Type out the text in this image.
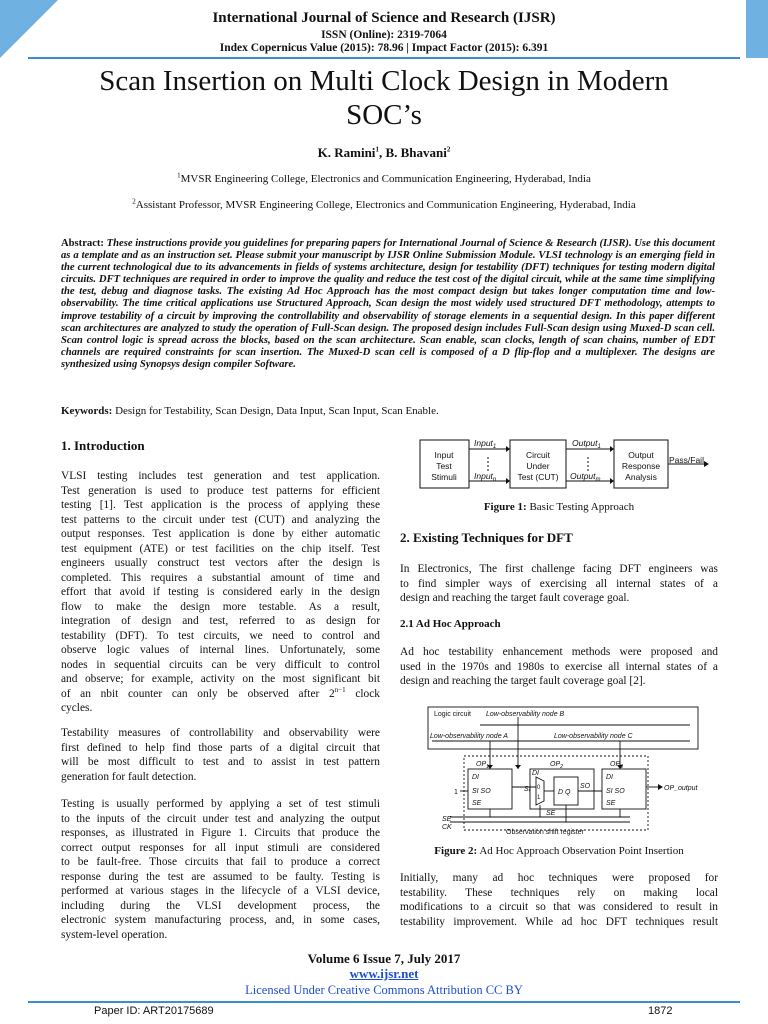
International Journal of Science and Research (IJSR)
ISSN (Online): 2319-7064
Index Copernicus Value (2015): 78.96 | Impact Factor (2015): 6.391
Scan Insertion on Multi Clock Design in Modern
SOC’s
K. Ramini$^1$, B. Bhavani$^2$
$^1$MVSR Engineering College, Electronics and Communication Engineering, Hyderabad, India
$^2$Assistant Professor, MVSR Engineering College, Electronics and Communication Engineering, Hyderabad, India
Abstract: These instructions provide you guidelines for preparing papers for International Journal of Science & Research (IJSR). Use this document as a template and as an instruction set. Please submit your manuscript by IJSR Online Submission Module. VLSI technology is an emerging field in the current technological due to its advancements in fields of systems architecture, design for testability (DFT) techniques for testing modern digital circuits. DFT techniques are required in order to improve the quality and reduce the test cost of the digital circuit, while at the same time simplifying the test, debug and diagnose tasks. The existing Ad Hoc Approach has the most compact design but takes longer computation time and low-observability. The time critical applications use Structured Approach, Scan design the most widely used structured DFT methodology, attempts to improve testability of a circuit by improving the controllability and observability of storage elements in a sequential design. In this paper different scan architectures are analyzed to study the operation of Full-Scan design. The proposed design includes Full-Scan design using Muxed-D scan cell. Scan control logic is spread across the blocks, based on the scan architecture. Scan enable, scan clocks, length of scan chains, number of EDT channels are required constraints for scan insertion. The Muxed-D scan cell is composed of a D flip-flop and a multiplexer. The designs are synthesized using Synopsys design compiler Software.
Keywords: Design for Testability, Scan Design, Data Input, Scan Input, Scan Enable.
1. Introduction
VLSI testing includes test generation and test application.
Test generation is used to produce test patterns for efficient
testing [1]. Test application is the process of applying these
test patterns to the circuit under test (CUT) and analyzing the
output responses. Test application is done by either automatic
test equipment (ATE) or test facilities on the chip itself. Test
engineers usually construct test vectors after the design is
completed. This requires a substantial amount of time and
effort that avoid if testing is considered early in the design
flow to make the design more testable. As a result,
integration of design and test, referred to as design for
testability (DFT). To test circuits, we need to control and
observe logic values of internal lines. Unfortunately, some
nodes in sequential circuits can be very difficult to control
and observe; for example, activity on the most significant bit
of an nbit counter can only be observed after $2^{n-1}$ clock
cycles.
Testability measures of controllability and observability were
first defined to help find those parts of a digital circuit that
will be most difficult to test and to assist in test pattern
generation for fault detection.
Testing is usually performed by applying a set of test stimuli
to the inputs of the circuit under test and analyzing the output
responses, as illustrated in Figure 1. Circuits that produce the
correct output responses for all input stimuli are considered
to be fault-free. Those circuits that fail to produce a correct
response during the test are assumed to be faulty. Testing is
performed at various stages in the lifecycle of a VLSI device,
including during the VLSI development process, the
electronic system manufacturing process, and, in some cases,
system-level operation.
Input
Test
Stimuli
Circuit
Under
Test (CUT)
Output
Response
Analysis
Input$_1$
Input$_n$
Output$_1$
Output$_m$
Pass/Fail
Figure 1: Basic Testing Approach
2. Existing Techniques for DFT
In Electronics, The first challenge facing DFT engineers was
to find simpler ways of exercising all internal states of a
design and reaching the target fault coverage goal.
2.1 Ad Hoc Approach
Ad hoc testability enhancement methods were proposed and
used in the 1970s and 1980s to exercise all internal states of a
design and reaching the target fault coverage goal [2].
Logic circuit Low-observability node B
Low-observability node A	Low-observability node C
$OP_1$	$OP_2$	$OP_3$
DI
SI SO
SE
DI
SI 0
1
D Q
SO
SE
DI
SI SO
SE
1
OP_output
SE
CK
Observation shift register
Figure 2: Ad Hoc Approach Observation Point Insertion
Initially, many ad hoc techniques were proposed for
testability. These techniques rely on making local
modifications to a circuit so that was considered to result in
testability improvement. While ad hoc DFT techniques result
Volume 6 Issue 7, July 2017
www.ijsr.net
Licensed Under Creative Commons Attribution CC BY
Paper ID: ART20175689	1872
